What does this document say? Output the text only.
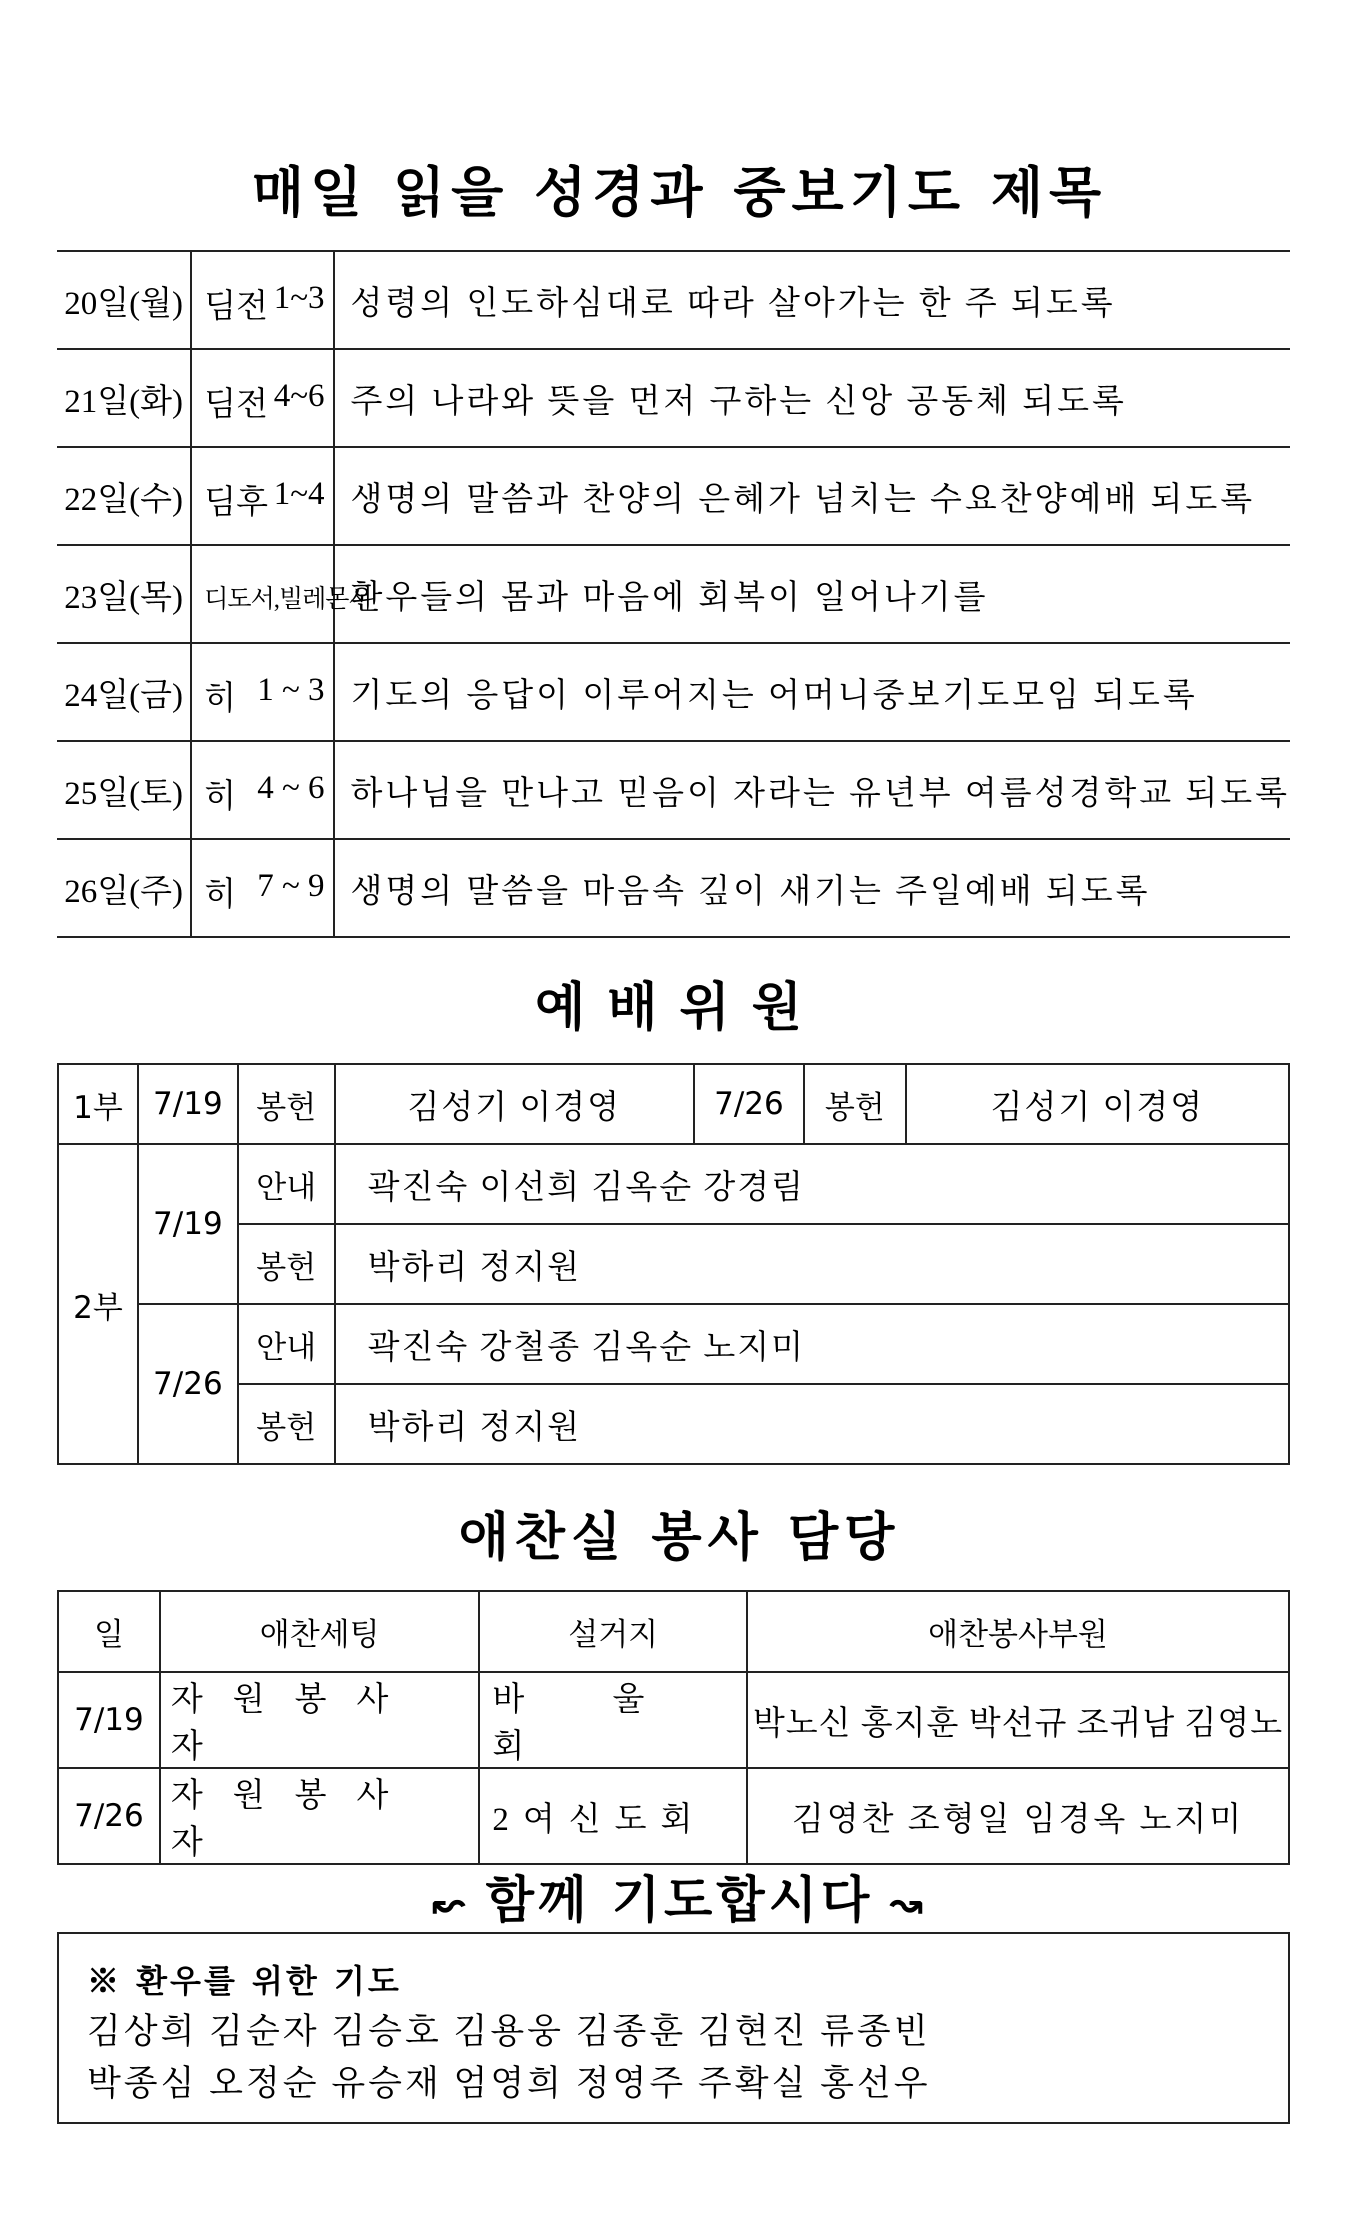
매일 읽을 성경과 중보기도 제목
20일(월)	딤전 1~3	성령의 인도하심대로 따라 살아가는 한 주 되도록
21일(화)	딤전 4~6	주의 나라와 뜻을 먼저 구하는 신앙 공동체 되도록
22일(수)	딤후 1~4	생명의 말씀과 찬양의 은혜가 넘치는 수요찬양예배 되도록
23일(목)	디도서,빌레몬서	환우들의 몸과 마음에 회복이 일어나기를
24일(금)	히 1 ~ 3	기도의 응답이 이루어지는 어머니중보기도모임 되도록
25일(토)	히 4 ~ 6	하나님을 만나고 믿음이 자라는 유년부 여름성경학교 되도록
26일(주)	히 7 ~ 9	생명의 말씀을 마음속 깊이 새기는 주일예배 되도록
예배위원
1부	7/19	봉헌	김성기 이경영	7/26	봉헌	김성기 이경영
2부	7/19	안내	곽진숙 이선희 김옥순 강경림			
		봉헌	박하리 정지원			
	7/26	안내	곽진숙 강철종 김옥순 노지미			
		봉헌	박하리 정지원			
애찬실 봉사 담당
일	애찬세팅	설거지	애찬봉사부원
7/19	자원봉사자	바 울 회	박노신 홍지훈 박선규 조귀남 김영노
7/26	자원봉사자	2여신도회	김영찬 조형일 임경옥 노지미
↜ 함께 기도합시다 ↝
※ 환우를 위한 기도
김상희 김순자 김승호 김용웅 김종훈 김현진 류종빈
박종심 오정순 유승재 엄영희 정영주 주확실 홍선우
